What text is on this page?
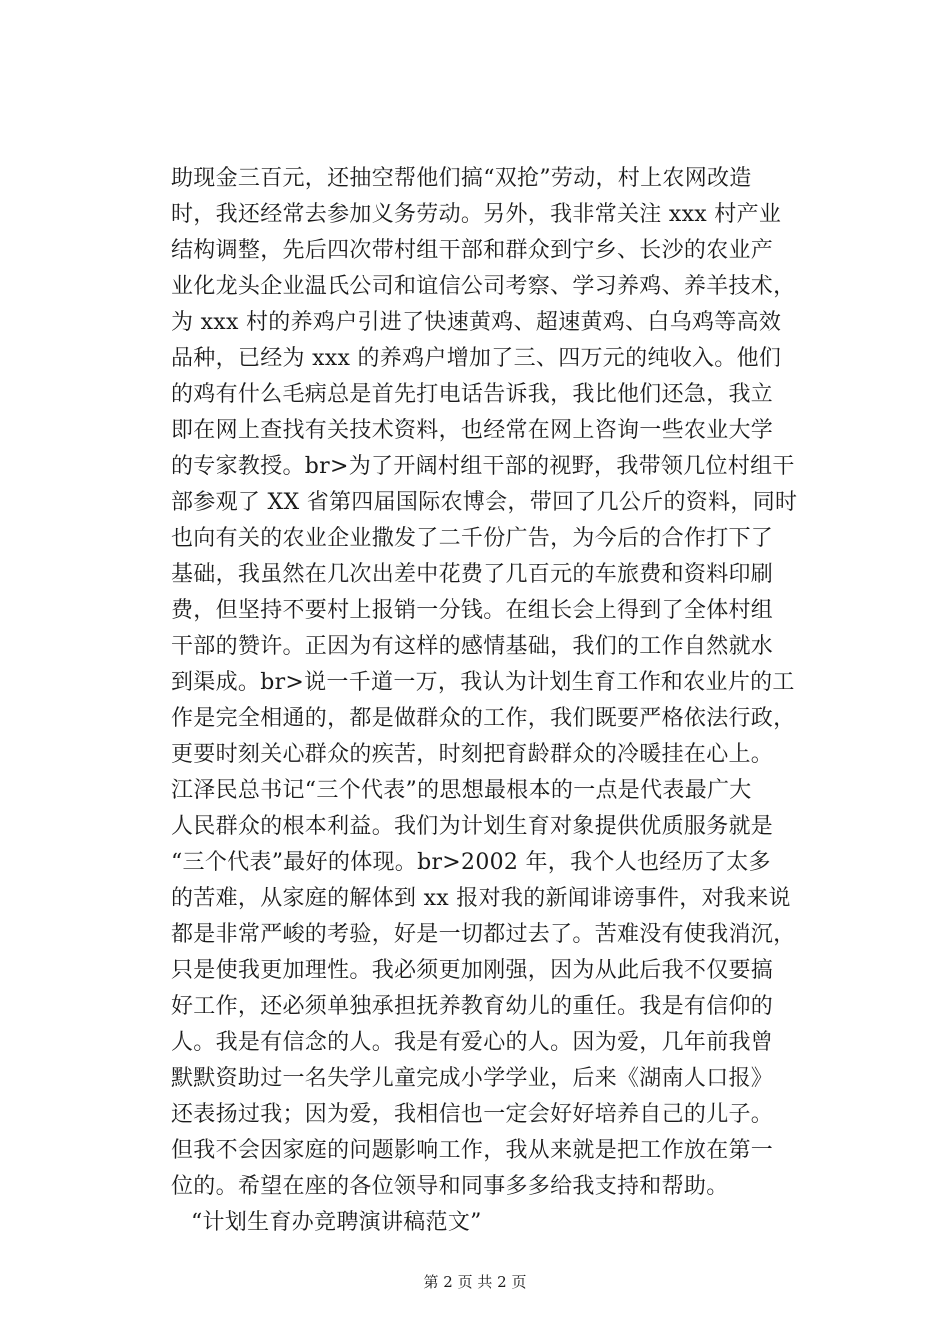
助现金三百元，还抽空帮他们搞“双抢”劳动，村上农网改造
时，我还经常去参加义务劳动。另外，我非常关注 xxx 村产业
结构调整，先后四次带村组干部和群众到宁乡、长沙的农业产
业化龙头企业温氏公司和谊信公司考察、学习养鸡、养羊技术，
为 xxx 村的养鸡户引进了快速黄鸡、超速黄鸡、白乌鸡等高效
品种，已经为 xxx 的养鸡户增加了三、四万元的纯收入。他们
的鸡有什么毛病总是首先打电话告诉我，我比他们还急，我立
即在网上查找有关技术资料，也经常在网上咨询一些农业大学
的专家教授。br>为了开阔村组干部的视野，我带领几位村组干
部参观了 XX 省第四届国际农博会，带回了几公斤的资料，同时
也向有关的农业企业撒发了二千份广告，为今后的合作打下了
基础，我虽然在几次出差中花费了几百元的车旅费和资料印刷
费，但坚持不要村上报销一分钱。在组长会上得到了全体村组
干部的赞许。正因为有这样的感情基础，我们的工作自然就水
到渠成。br>说一千道一万，我认为计划生育工作和农业片的工
作是完全相通的，都是做群众的工作，我们既要严格依法行政，
更要时刻关心群众的疾苦，时刻把育龄群众的冷暖挂在心上。
江泽民总书记“三个代表”的思想最根本的一点是代表最广大
人民群众的根本利益。我们为计划生育对象提供优质服务就是
“三个代表”最好的体现。br>2002 年，我个人也经历了太多
的苦难，从家庭的解体到 xx 报对我的新闻诽谤事件，对我来说
都是非常严峻的考验，好是一切都过去了。苦难没有使我消沉，
只是使我更加理性。我必须更加刚强，因为从此后我不仅要搞
好工作，还必须单独承担抚养教育幼儿的重任。我是有信仰的
人。我是有信念的人。我是有爱心的人。因为爱，几年前我曾
默默资助过一名失学儿童完成小学学业，后来《湖南人口报》
还表扬过我；因为爱，我相信也一定会好好培养自己的儿子。
但我不会因家庭的问题影响工作，我从来就是把工作放在第一
位的。希望在座的各位领导和同事多多给我支持和帮助。
“计划生育办竞聘演讲稿范文”
第 2 页 共 2 页
